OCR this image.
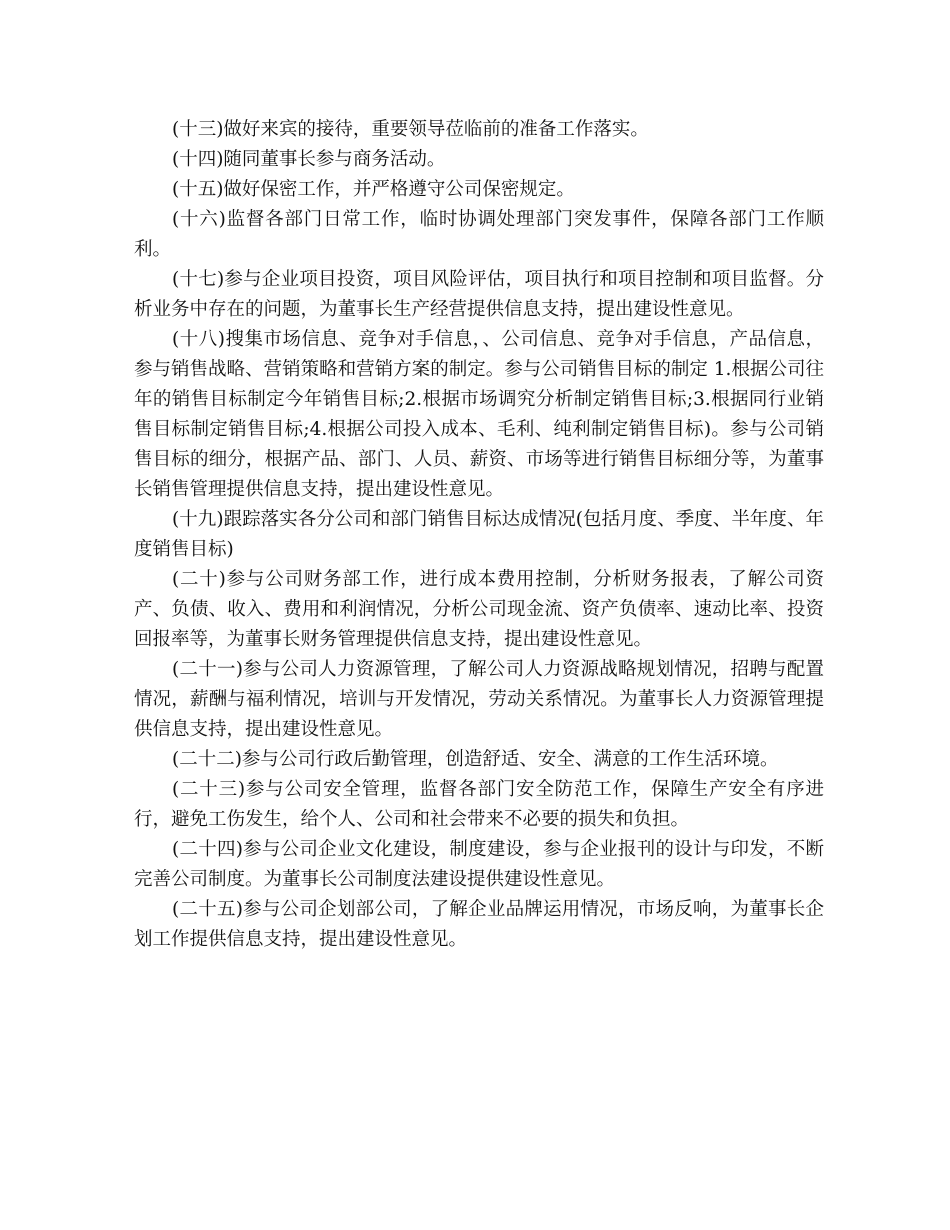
(十三)做好来宾的接待，重要领导莅临前的准备工作落实。

(十四)随同董事长参与商务活动。

(十五)做好保密工作，并严格遵守公司保密规定。

(十六)监督各部门日常工作，临时协调处理部门突发事件，保障各部门工作顺利。

(十七)参与企业项目投资，项目风险评估，项目执行和项目控制和项目监督。分析业务中存在的问题，为董事长生产经营提供信息支持，提出建设性意见。

(十八)搜集市场信息、竞争对手信息，、公司信息、竞争对手信息，产品信息，参与销售战略、营销策略和营销方案的制定。参与公司销售目标的制定 1.根据公司往年的销售目标制定今年销售目标;2.根据市场调究分析制定销售目标;3.根据同行业销售目标制定销售目标;4.根据公司投入成本、毛利、纯利制定销售目标)。参与公司销售目标的细分，根据产品、部门、人员、薪资、市场等进行销售目标细分等，为董事长销售管理提供信息支持，提出建设性意见。

(十九)跟踪落实各分公司和部门销售目标达成情况(包括月度、季度、半年度、年度销售目标)

(二十)参与公司财务部工作，进行成本费用控制，分析财务报表，了解公司资产、负债、收入、费用和利润情况，分析公司现金流、资产负债率、速动比率、投资回报率等，为董事长财务管理提供信息支持，提出建设性意见。

(二十一)参与公司人力资源管理，了解公司人力资源战略规划情况，招聘与配置情况，薪酬与福利情况，培训与开发情况，劳动关系情况。为董事长人力资源管理提供信息支持，提出建设性意见。

(二十二)参与公司行政后勤管理，创造舒适、安全、满意的工作生活环境。

(二十三)参与公司安全管理，监督各部门安全防范工作，保障生产安全有序进行，避免工伤发生，给个人、公司和社会带来不必要的损失和负担。

(二十四)参与公司企业文化建设，制度建设，参与企业报刊的设计与印发，不断完善公司制度。为董事长公司制度法建设提供建设性意见。

(二十五)参与公司企划部公司，了解企业品牌运用情况，市场反响，为董事长企划工作提供信息支持，提出建设性意见。
